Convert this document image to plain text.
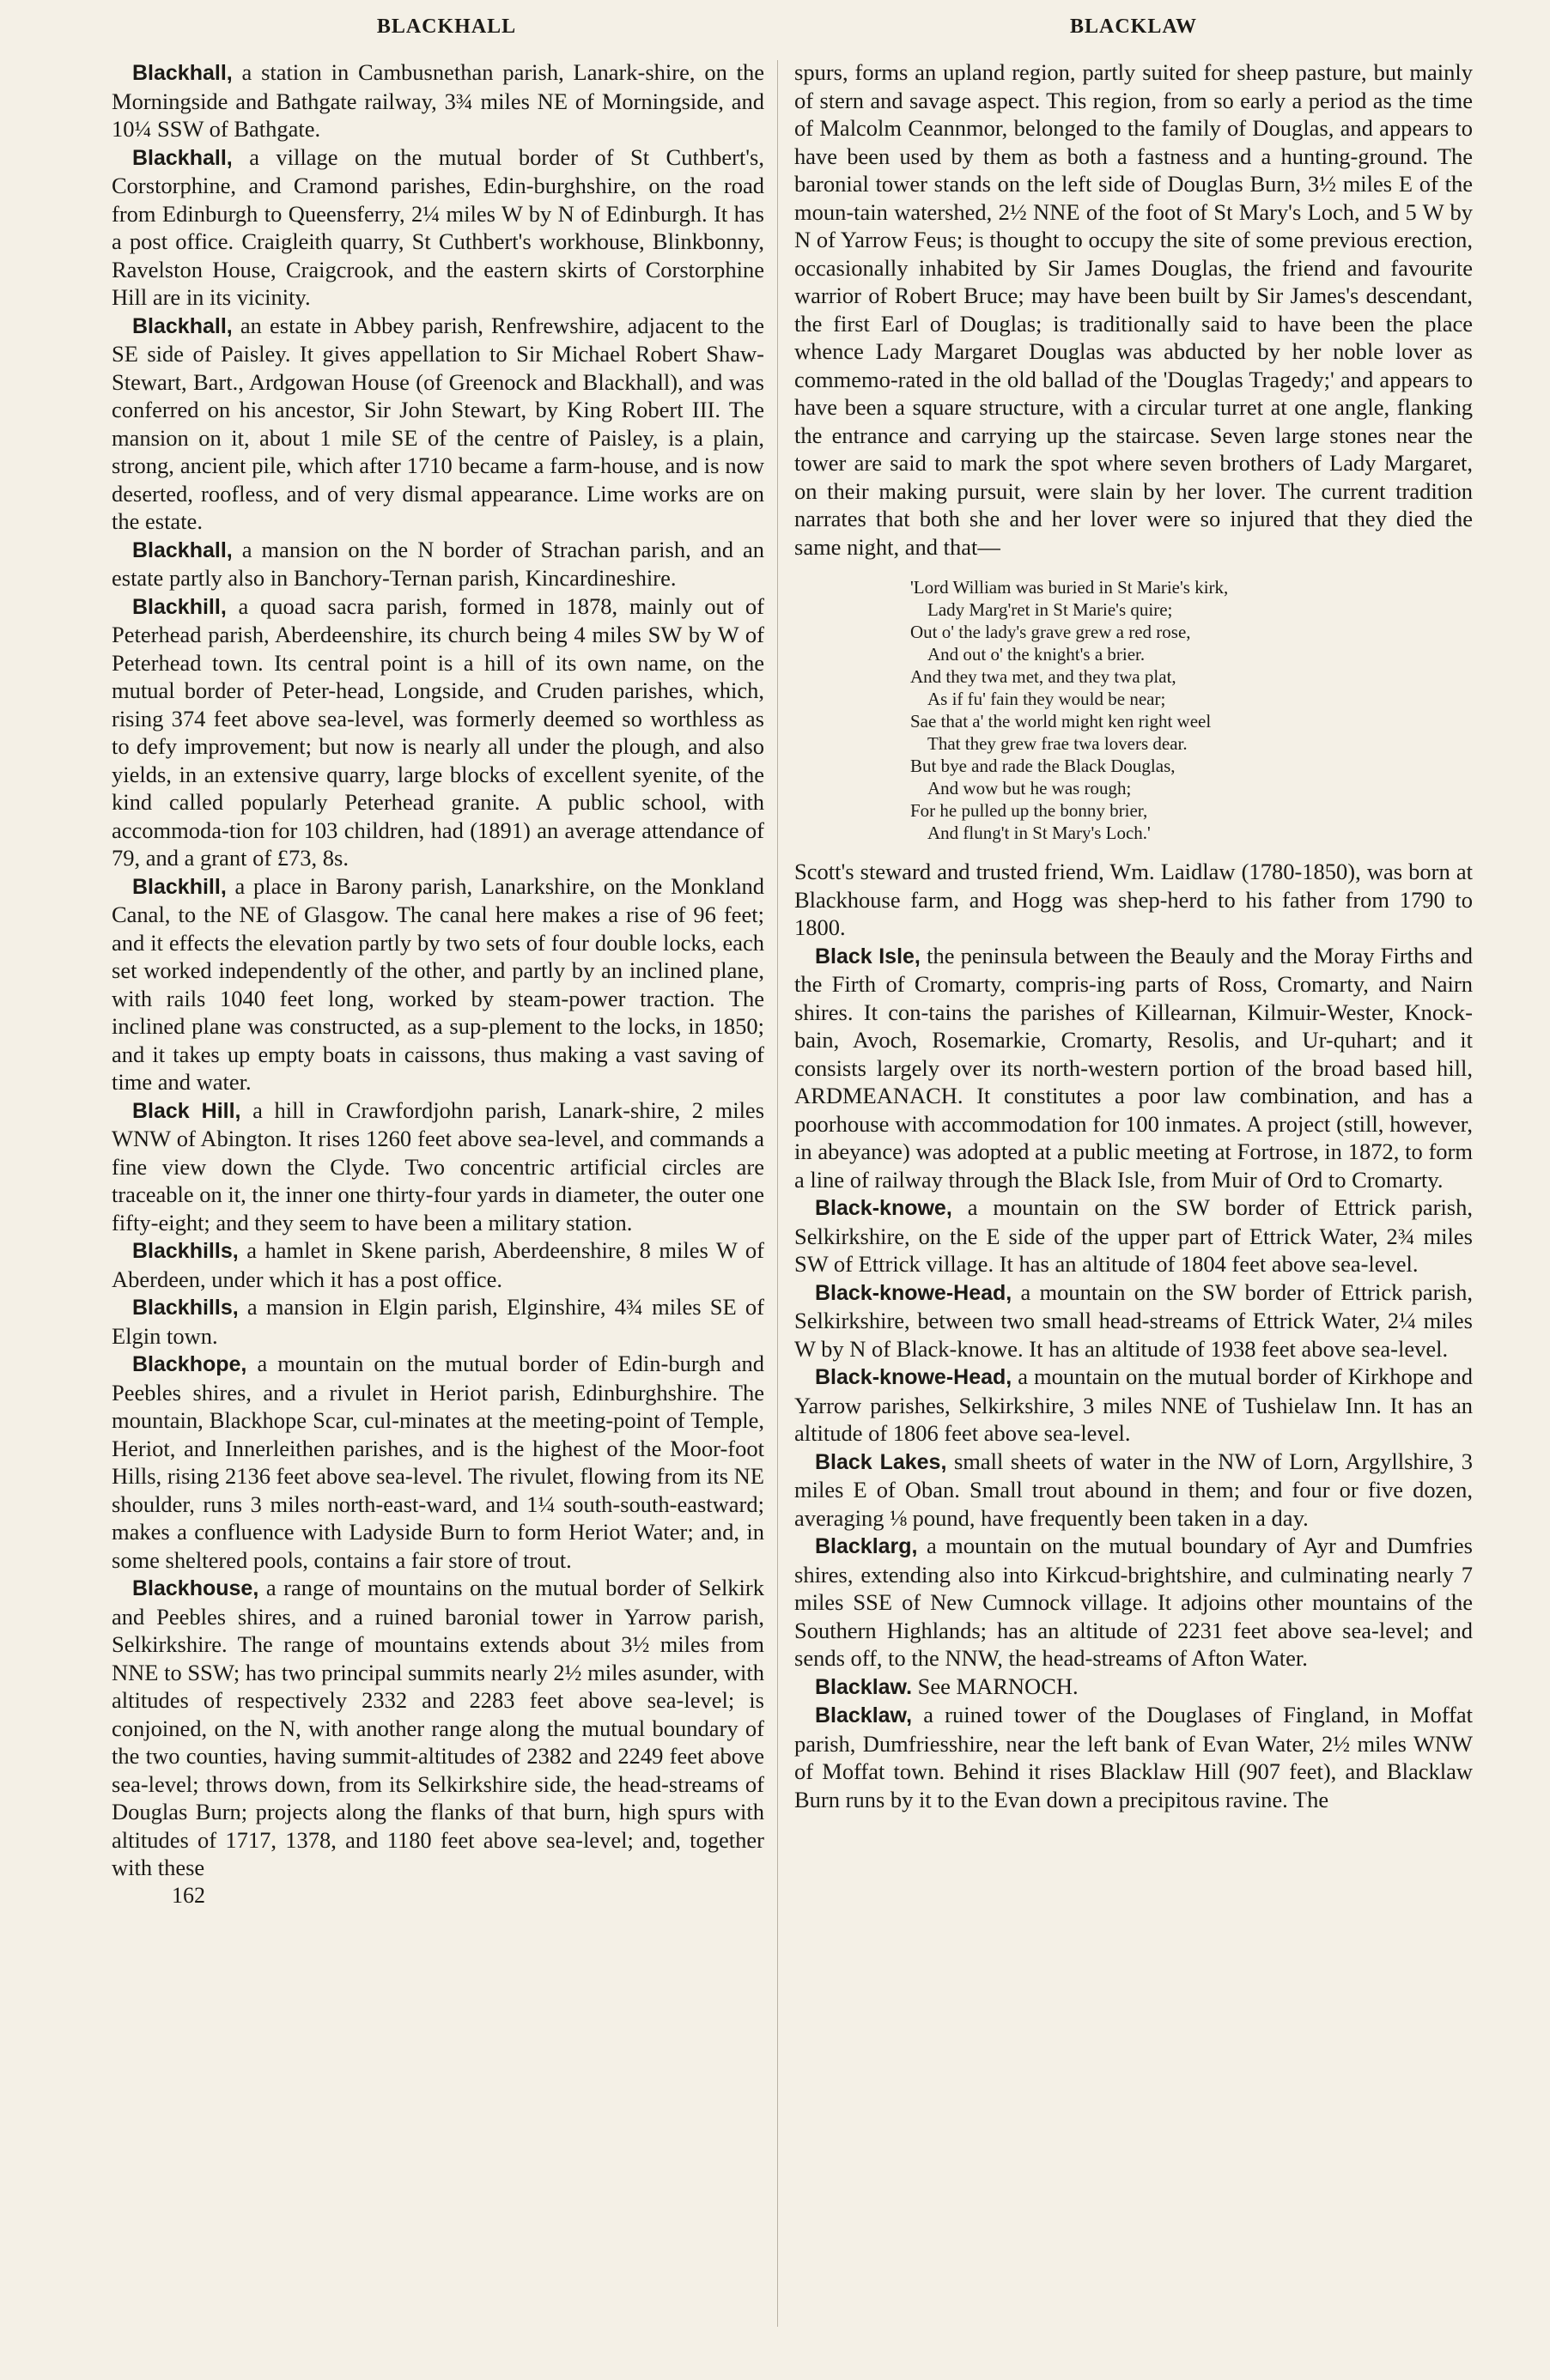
BLACKHALL	BLACKLAW

Blackhall, a station in Cambusnethan parish, Lanark-shire, on the Morningside and Bathgate railway, 3¾ miles NE of Morningside, and 10¼ SSW of Bathgate.

Blackhall, a village on the mutual border of St Cuthbert's, Corstorphine, and Cramond parishes, Edin-burghshire, on the road from Edinburgh to Queensferry, 2¼ miles W by N of Edinburgh. It has a post office. Craigleith quarry, St Cuthbert's workhouse, Blinkbonny, Ravelston House, Craigcrook, and the eastern skirts of Corstorphine Hill are in its vicinity.

Blackhall, an estate in Abbey parish, Renfrewshire, adjacent to the SE side of Paisley. It gives appellation to Sir Michael Robert Shaw-Stewart, Bart., Ardgowan House (of Greenock and Blackhall), and was conferred on his ancestor, Sir John Stewart, by King Robert III. The mansion on it, about 1 mile SE of the centre of Paisley, is a plain, strong, ancient pile, which after 1710 became a farm-house, and is now deserted, roofless, and of very dismal appearance. Lime works are on the estate.

Blackhall, a mansion on the N border of Strachan parish, and an estate partly also in Banchory-Ternan parish, Kincardineshire.

Blackhill, a quoad sacra parish, formed in 1878, mainly out of Peterhead parish, Aberdeenshire, its church being 4 miles SW by W of Peterhead town. Its central point is a hill of its own name, on the mutual border of Peter-head, Longside, and Cruden parishes, which, rising 374 feet above sea-level, was formerly deemed so worthless as to defy improvement; but now is nearly all under the plough, and also yields, in an extensive quarry, large blocks of excellent syenite, of the kind called popularly Peterhead granite. A public school, with accommoda-tion for 103 children, had (1891) an average attendance of 79, and a grant of £73, 8s.

Blackhill, a place in Barony parish, Lanarkshire, on the Monkland Canal, to the NE of Glasgow. The canal here makes a rise of 96 feet; and it effects the elevation partly by two sets of four double locks, each set worked independently of the other, and partly by an inclined plane, with rails 1040 feet long, worked by steam-power traction. The inclined plane was constructed, as a sup-plement to the locks, in 1850; and it takes up empty boats in caissons, thus making a vast saving of time and water.

Black Hill, a hill in Crawfordjohn parish, Lanark-shire, 2 miles WNW of Abington. It rises 1260 feet above sea-level, and commands a fine view down the Clyde. Two concentric artificial circles are traceable on it, the inner one thirty-four yards in diameter, the outer one fifty-eight; and they seem to have been a military station.

Blackhills, a hamlet in Skene parish, Aberdeenshire, 8 miles W of Aberdeen, under which it has a post office.

Blackhills, a mansion in Elgin parish, Elginshire, 4¾ miles SE of Elgin town.

Blackhope, a mountain on the mutual border of Edin-burgh and Peebles shires, and a rivulet in Heriot parish, Edinburghshire. The mountain, Blackhope Scar, cul-minates at the meeting-point of Temple, Heriot, and Innerleithen parishes, and is the highest of the Moor-foot Hills, rising 2136 feet above sea-level. The rivulet, flowing from its NE shoulder, runs 3 miles north-east-ward, and 1¼ south-south-eastward; makes a confluence with Ladyside Burn to form Heriot Water; and, in some sheltered pools, contains a fair store of trout.

Blackhouse, a range of mountains on the mutual border of Selkirk and Peebles shires, and a ruined baronial tower in Yarrow parish, Selkirkshire. The range of mountains extends about 3½ miles from NNE to SSW; has two principal summits nearly 2½ miles asunder, with altitudes of respectively 2332 and 2283 feet above sea-level; is conjoined, on the N, with another range along the mutual boundary of the two counties, having summit-altitudes of 2382 and 2249 feet above sea-level; throws down, from its Selkirkshire side, the head-streams of Douglas Burn; projects along the flanks of that burn, high spurs with altitudes of 1717, 1378, and 1180 feet above sea-level; and, together with these

162

spurs, forms an upland region, partly suited for sheep pasture, but mainly of stern and savage aspect. This region, from so early a period as the time of Malcolm Ceannmor, belonged to the family of Douglas, and appears to have been used by them as both a fastness and a hunting-ground. The baronial tower stands on the left side of Douglas Burn, 3½ miles E of the moun-tain watershed, 2½ NNE of the foot of St Mary's Loch, and 5 W by N of Yarrow Feus; is thought to occupy the site of some previous erection, occasionally inhabited by Sir James Douglas, the friend and favourite warrior of Robert Bruce; may have been built by Sir James's descendant, the first Earl of Douglas; is traditionally said to have been the place whence Lady Margaret Douglas was abducted by her noble lover as commemo-rated in the old ballad of the 'Douglas Tragedy;' and appears to have been a square structure, with a circular turret at one angle, flanking the entrance and carrying up the staircase. Seven large stones near the tower are said to mark the spot where seven brothers of Lady Margaret, on their making pursuit, were slain by her lover. The current tradition narrates that both she and her lover were so injured that they died the same night, and that—

'Lord William was buried in St Marie's kirk,
Lady Marg'ret in St Marie's quire;
Out o' the lady's grave grew a red rose,
And out o' the knight's a brier.
And they twa met, and they twa plat,
As if fu' fain they would be near;
Sae that a' the world might ken right weel
That they grew frae twa lovers dear.
But bye and rade the Black Douglas,
And wow but he was rough;
For he pulled up the bonny brier,
And flung't in St Mary's Loch.'

Scott's steward and trusted friend, Wm. Laidlaw (1780-1850), was born at Blackhouse farm, and Hogg was shep-herd to his father from 1790 to 1800.

Black Isle, the peninsula between the Beauly and the Moray Firths and the Firth of Cromarty, compris-ing parts of Ross, Cromarty, and Nairn shires. It con-tains the parishes of Killearnan, Kilmuir-Wester, Knock-bain, Avoch, Rosemarkie, Cromarty, Resolis, and Ur-quhart; and it consists largely over its north-western portion of the broad based hill, ARDMEANACH. It constitutes a poor law combination, and has a poorhouse with accommodation for 100 inmates. A project (still, however, in abeyance) was adopted at a public meeting at Fortrose, in 1872, to form a line of railway through the Black Isle, from Muir of Ord to Cromarty.

Black-knowe, a mountain on the SW border of Ettrick parish, Selkirkshire, on the E side of the upper part of Ettrick Water, 2¾ miles SW of Ettrick village. It has an altitude of 1804 feet above sea-level.

Black-knowe-Head, a mountain on the SW border of Ettrick parish, Selkirkshire, between two small head-streams of Ettrick Water, 2¼ miles W by N of Black-knowe. It has an altitude of 1938 feet above sea-level.

Black-knowe-Head, a mountain on the mutual border of Kirkhope and Yarrow parishes, Selkirkshire, 3 miles NNE of Tushielaw Inn. It has an altitude of 1806 feet above sea-level.

Black Lakes, small sheets of water in the NW of Lorn, Argyllshire, 3 miles E of Oban. Small trout abound in them; and four or five dozen, averaging ⅛ pound, have frequently been taken in a day.

Blacklarg, a mountain on the mutual boundary of Ayr and Dumfries shires, extending also into Kirkcud-brightshire, and culminating nearly 7 miles SSE of New Cumnock village. It adjoins other mountains of the Southern Highlands; has an altitude of 2231 feet above sea-level; and sends off, to the NNW, the head-streams of Afton Water.

Blacklaw. See MARNOCH.

Blacklaw, a ruined tower of the Douglases of Fingland, in Moffat parish, Dumfriesshire, near the left bank of Evan Water, 2½ miles WNW of Moffat town. Behind it rises Blacklaw Hill (907 feet), and Blacklaw Burn runs by it to the Evan down a precipitous ravine. The
